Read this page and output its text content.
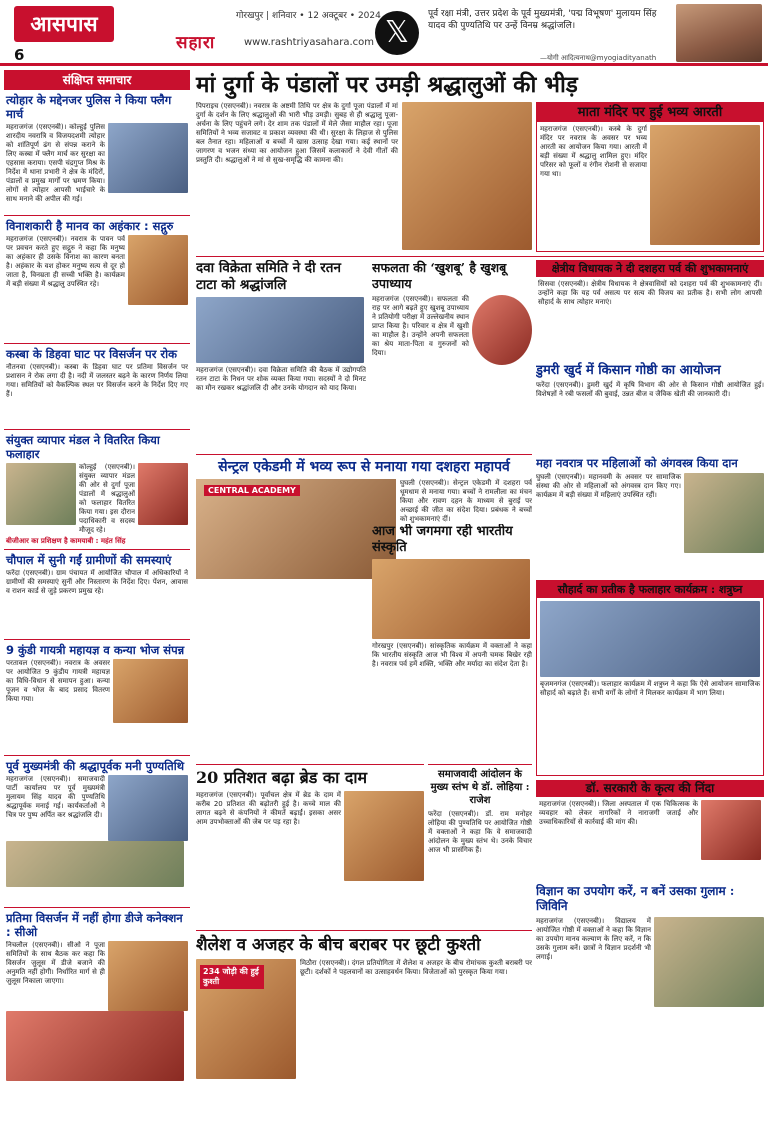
आसपास
6
गोरखपुर | शनिवार • 12 अक्टूबर • 2024
सहारा	www.rashtriyasahara.com 𝕏
पूर्व रक्षा मंत्री, उत्तर प्रदेश के पूर्व मुख्यमंत्री, 'पद्म विभूषण' मुलायम सिंह यादव की पुण्यतिथि पर उन्हें विनम्र श्रद्धांजलि।
—योगी आदित्यनाथ@myogiadityanath
संक्षिप्त समाचार
त्योहार के मद्देनजर पुलिस ने किया फ्लैग मार्च

महराजगंज (एसएनबी)। कोल्हुई पुलिस शारदीय नवरात्रि व विजयदशमी त्योहार को शांतिपूर्ण ढंग से संपन्न कराने के लिए कस्बा में फ्लैग मार्च कर सुरक्षा का एहसास कराया। एसपी चंद्रगुप्त मिश्र के निर्देश में थाना प्रभारी ने क्षेत्र के मंदिरों, पंडालों व प्रमुख मार्गों पर भ्रमण किया। लोगों से त्योहार आपसी भाईचारे के साथ मनाने की अपील की गई।

विनाशकारी है मानव का अहंकार : सद्गुरु

महराजगंज (एसएनबी)। नवरात्र के पावन पर्व पर प्रवचन करते हुए सद्गुरु ने कहा कि मनुष्य का अहंकार ही उसके विनाश का कारण बनता है। अहंकार के वश होकर मनुष्य सत्य से दूर हो जाता है, विनम्रता ही सच्ची भक्ति है। कार्यक्रम में बड़ी संख्या में श्रद्धालु उपस्थित रहे।

कस्बा के डिहवा घाट पर विसर्जन पर रोक

नौतनवा (एसएनबी)। कस्बा के डिहवा घाट पर प्रतिमा विसर्जन पर प्रशासन ने रोक लगा दी है। नदी में जलस्तर बढ़ने के कारण निर्णय लिया गया। समितियों को वैकल्पिक स्थल पर विसर्जन करने के निर्देश दिए गए हैं।

संयुक्त व्यापार मंडल ने वितरित किया फलाहार

कोल्हुई (एसएनबी)। संयुक्त व्यापार मंडल की ओर से दुर्गा पूजा पंडालों में श्रद्धालुओं को फलाहार वितरित किया गया। इस दौरान पदाधिकारी व सदस्य मौजूद रहे।

बीजीआर का प्रशिक्षण है कामयाबी : महंत सिंह
चौपाल में सुनी गईं ग्रामीणों की समस्याएं

फरेंदा (एसएनबी)। ग्राम पंचायत में आयोजित चौपाल में अधिकारियों ने ग्रामीणों की समस्याएं सुनीं और निस्तारण के निर्देश दिए। पेंशन, आवास व राशन कार्ड से जुड़े प्रकरण प्रमुख रहे।

9 कुंडी गायत्री महायज्ञ व कन्या भोज संपन्न

परतावल (एसएनबी)। नवरात्र के अवसर पर आयोजित 9 कुंडीय गायत्री महायज्ञ का विधि-विधान से समापन हुआ। कन्या पूजन व भोज के बाद प्रसाद वितरण किया गया।

पूर्व मुख्यमंत्री की श्रद्धापूर्वक मनी पुण्यतिथि

महराजगंज (एसएनबी)। समाजवादी पार्टी कार्यालय पर पूर्व मुख्यमंत्री मुलायम सिंह यादव की पुण्यतिथि श्रद्धापूर्वक मनाई गई। कार्यकर्ताओं ने चित्र पर पुष्प अर्पित कर श्रद्धांजलि दी।

प्रतिमा विसर्जन में नहीं होगा डीजे कनेक्शन : सीओ

निचलौल (एसएनबी)। सीओ ने पूजा समितियों के साथ बैठक कर कहा कि विसर्जन जुलूस में डीजे बजाने की अनुमति नहीं होगी। निर्धारित मार्ग से ही जुलूस निकाला जाएगा।

मां दुर्गा के पंडालों पर उमड़ी श्रद्धालुओं की भीड़

पिपराइच (एसएनबी)। नवरात्र के अष्टमी तिथि पर क्षेत्र के दुर्गा पूजा पंडालों में मां दुर्गा के दर्शन के लिए श्रद्धालुओं की भारी भीड़ उमड़ी। सुबह से ही श्रद्धालु पूजा-अर्चना के लिए पहुंचने लगे। देर शाम तक पंडालों में मेले जैसा माहौल रहा। पूजा समितियों ने भव्य सजावट व प्रकाश व्यवस्था की थी। सुरक्षा के लिहाज से पुलिस बल तैनात रहा। महिलाओं व बच्चों में खास उत्साह देखा गया। कई स्थानों पर जागरण व भजन संध्या का आयोजन हुआ जिसमें कलाकारों ने देवी गीतों की प्रस्तुति दी। श्रद्धालुओं ने मां से सुख-समृद्धि की कामना की।

माता मंदिर पर हुई भव्य आरती

महराजगंज (एसएनबी)। कस्बे के दुर्गा मंदिर पर नवरात्र के अवसर पर भव्य आरती का आयोजन किया गया। आरती में बड़ी संख्या में श्रद्धालु शामिल हुए। मंदिर परिसर को फूलों व रंगीन रोशनी से सजाया गया था।

दवा विक्रेता समिति ने दी रतन टाटा को श्रद्धांजलि

महराजगंज (एसएनबी)। दवा विक्रेता समिति की बैठक में उद्योगपति रतन टाटा के निधन पर शोक व्यक्त किया गया। सदस्यों ने दो मिनट का मौन रखकर श्रद्धांजलि दी और उनके योगदान को याद किया।

सफलता की ‘खुशबू’ है खुशबू उपाध्याय

महराजगंज (एसएनबी)। सफलता की राह पर आगे बढ़ते हुए खुशबू उपाध्याय ने प्रतियोगी परीक्षा में उल्लेखनीय स्थान प्राप्त किया है। परिवार व क्षेत्र में खुशी का माहौल है। उन्होंने अपनी सफलता का श्रेय माता-पिता व गुरुजनों को दिया।

क्षेत्रीय विधायक ने दी दशहरा पर्व की शुभकामनाएं

सिसवा (एसएनबी)। क्षेत्रीय विधायक ने क्षेत्रवासियों को दशहरा पर्व की शुभकामनाएं दीं। उन्होंने कहा कि यह पर्व असत्य पर सत्य की विजय का प्रतीक है। सभी लोग आपसी सौहार्द के साथ त्योहार मनाएं।

डुमरी खुर्द में किसान गोष्ठी का आयोजन

फरेंदा (एसएनबी)। डुमरी खुर्द में कृषि विभाग की ओर से किसान गोष्ठी आयोजित हुई। विशेषज्ञों ने रबी फसलों की बुवाई, उन्नत बीज व जैविक खेती की जानकारी दी।

सेन्ट्रल एकेडमी में भव्य रूप से मनाया गया दशहरा महापर्व
CENTRAL ACADEMY

घुघली (एसएनबी)। सेन्ट्रल एकेडमी में दशहरा पर्व धूमधाम से मनाया गया। बच्चों ने रामलीला का मंचन किया और रावण दहन के माध्यम से बुराई पर अच्छाई की जीत का संदेश दिया। प्रबंधक ने बच्चों को शुभकामनाएं दीं।

आज भी जगमगा रही भारतीय संस्कृति

गोरखपुर (एसएनबी)। सांस्कृतिक कार्यक्रम में वक्ताओं ने कहा कि भारतीय संस्कृति आज भी विश्व में अपनी चमक बिखेर रही है। नवरात्र पर्व हमें शक्ति, भक्ति और मर्यादा का संदेश देता है।

महा नवरात्र पर महिलाओं को अंगवस्त्र किया दान

घुघली (एसएनबी)। महानवमी के अवसर पर सामाजिक संस्था की ओर से महिलाओं को अंगवस्त्र दान किए गए। कार्यक्रम में बड़ी संख्या में महिलाएं उपस्थित रहीं।

सौहार्द का प्रतीक है फलाहार कार्यक्रम : शत्रुघ्न

बृजमनगंज (एसएनबी)। फलाहार कार्यक्रम में शत्रुघ्न ने कहा कि ऐसे आयोजन सामाजिक सौहार्द को बढ़ाते हैं। सभी वर्गों के लोगों ने मिलकर कार्यक्रम में भाग लिया।

20 प्रतिशत बढ़ा ब्रेड का दाम

महराजगंज (एसएनबी)। पूर्वांचल क्षेत्र में ब्रेड के दाम में करीब 20 प्रतिशत की बढ़ोतरी हुई है। कच्चे माल की लागत बढ़ने से कंपनियों ने कीमतें बढ़ाईं। इसका असर आम उपभोक्ताओं की जेब पर पड़ रहा है।

समाजवादी आंदोलन के मुख्य स्तंभ थे डॉ. लोहिया : राजेश

फरेंदा (एसएनबी)। डॉ. राम मनोहर लोहिया की पुण्यतिथि पर आयोजित गोष्ठी में वक्ताओं ने कहा कि वे समाजवादी आंदोलन के मुख्य स्तंभ थे। उनके विचार आज भी प्रासंगिक हैं।

डॉ. सरकारी के कृत्य की निंदा

महराजगंज (एसएनबी)। जिला अस्पताल में एक चिकित्सक के व्यवहार को लेकर नागरिकों ने नाराजगी जताई और उच्चाधिकारियों से कार्रवाई की मांग की।

शैलेश व अजहर के बीच बराबर पर छूटी कुश्ती
234 जोड़ी की हुई कुश्ती

मिठौरा (एसएनबी)। दंगल प्रतियोगिता में शैलेश व अजहर के बीच रोमांचक कुश्ती बराबरी पर छूटी। दर्शकों ने पहलवानों का उत्साहवर्धन किया। विजेताओं को पुरस्कृत किया गया।

विज्ञान का उपयोग करें, न बनें उसका गुलाम : जिविनि

महराजगंज (एसएनबी)। विद्यालय में आयोजित गोष्ठी में वक्ताओं ने कहा कि विज्ञान का उपयोग मानव कल्याण के लिए करें, न कि उसके गुलाम बनें। छात्रों ने विज्ञान प्रदर्शनी भी लगाई।
